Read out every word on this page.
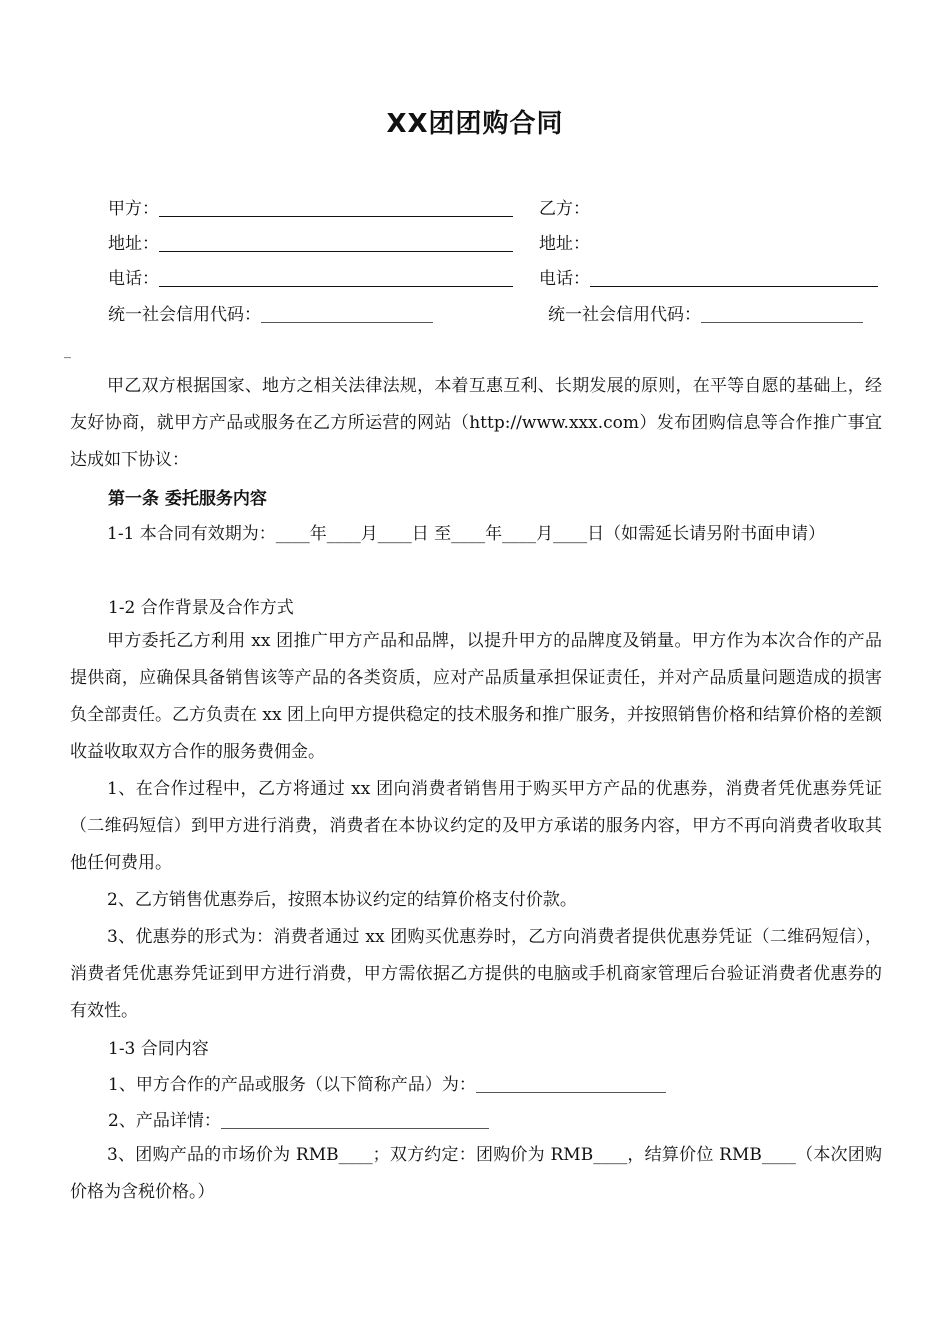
XX团团购合同
甲方：	乙方：
地址：	地址：
电话：	电话：
统一社会信用代码：	统一社会信用代码：
_
甲乙双方根据国家、地方之相关法律法规，本着互惠互利、长期发展的原则，在平等自愿的基础上，经友好协商，就甲方产品或服务在乙方所运营的网站（http://www.xxx.com）发布团购信息等合作推广事宜达成如下协议：
第一条 委托服务内容
1-1 本合同有效期为：____年____月____日 至____年____月____日（如需延长请另附书面申请）
1-2 合作背景及合作方式
甲方委托乙方利用 xx 团推广甲方产品和品牌，以提升甲方的品牌度及销量。甲方作为本次合作的产品提供商，应确保具备销售该等产品的各类资质，应对产品质量承担保证责任，并对产品质量问题造成的损害负全部责任。乙方负责在 xx 团上向甲方提供稳定的技术服务和推广服务，并按照销售价格和结算价格的差额收益收取双方合作的服务费佣金。
1、在合作过程中，乙方将通过 xx 团向消费者销售用于购买甲方产品的优惠券，消费者凭优惠券凭证（二维码短信）到甲方进行消费，消费者在本协议约定的及甲方承诺的服务内容，甲方不再向消费者收取其他任何费用。
2、乙方销售优惠券后，按照本协议约定的结算价格支付价款。
3、优惠券的形式为：消费者通过 xx 团购买优惠券时，乙方向消费者提供优惠券凭证（二维码短信），消费者凭优惠券凭证到甲方进行消费，甲方需依据乙方提供的电脑或手机商家管理后台验证消费者优惠券的有效性。
1-3 合同内容
1、甲方合作的产品或服务（以下简称产品）为：
2、产品详情：
3、团购产品的市场价为 RMB____；双方约定：团购价为 RMB____，结算价位 RMB____（本次团购价格为含税价格。）
